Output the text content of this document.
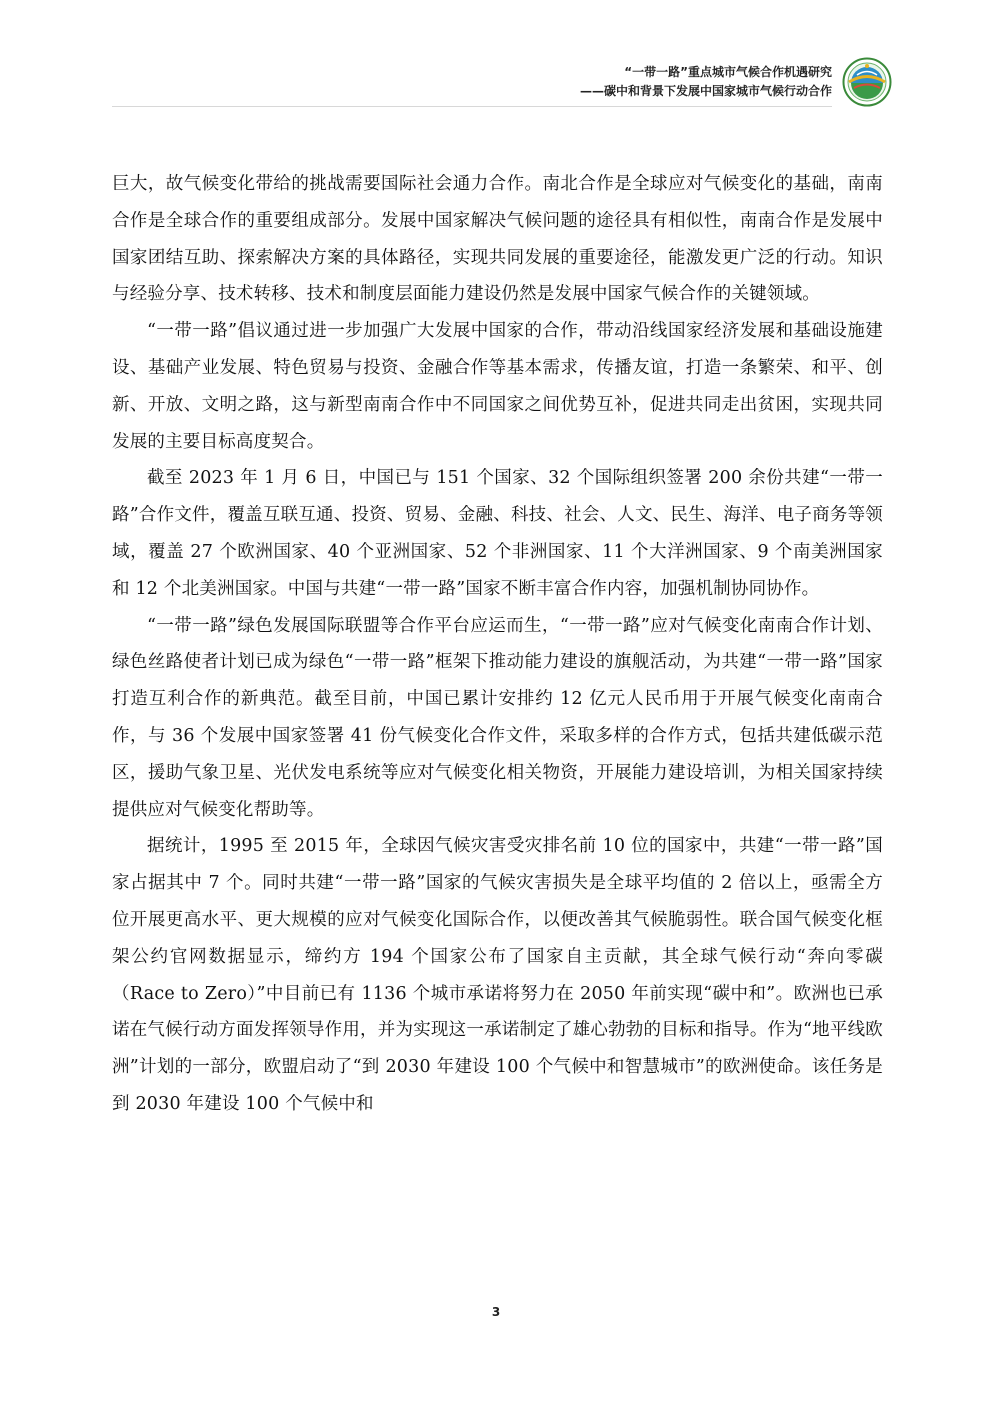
“一带一路”重点城市气候合作机遇研究
——碳中和背景下发展中国家城市气候行动合作

巨大，故气候变化带给的挑战需要国际社会通力合作。南北合作是全球应对气候变化的基础，南南合作是全球合作的重要组成部分。发展中国家解决气候问题的途径具有相似性，南南合作是发展中国家团结互助、探索解决方案的具体路径，实现共同发展的重要途径，能激发更广泛的行动。知识与经验分享、技术转移、技术和制度层面能力建设仍然是发展中国家气候合作的关键领域。

“一带一路”倡议通过进一步加强广大发展中国家的合作，带动沿线国家经济发展和基础设施建设、基础产业发展、特色贸易与投资、金融合作等基本需求，传播友谊，打造一条繁荣、和平、创新、开放、文明之路，这与新型南南合作中不同国家之间优势互补，促进共同走出贫困，实现共同发展的主要目标高度契合。

截至 2023 年 1 月 6 日，中国已与 151 个国家、32 个国际组织签署 200 余份共建“一带一路”合作文件，覆盖互联互通、投资、贸易、金融、科技、社会、人文、民生、海洋、电子商务等领域，覆盖 27 个欧洲国家、40 个亚洲国家、52 个非洲国家、11 个大洋洲国家、9 个南美洲国家和 12 个北美洲国家。中国与共建“一带一路”国家不断丰富合作内容，加强机制协同协作。

“一带一路”绿色发展国际联盟等合作平台应运而生，“一带一路”应对气候变化南南合作计划、绿色丝路使者计划已成为绿色“一带一路”框架下推动能力建设的旗舰活动，为共建“一带一路”国家打造互利合作的新典范。截至目前，中国已累计安排约 12 亿元人民币用于开展气候变化南南合作，与 36 个发展中国家签署 41 份气候变化合作文件，采取多样的合作方式，包括共建低碳示范区，援助气象卫星、光伏发电系统等应对气候变化相关物资，开展能力建设培训，为相关国家持续提供应对气候变化帮助等。

据统计，1995 至 2015 年，全球因气候灾害受灾排名前 10 位的国家中，共建“一带一路”国家占据其中 7 个。同时共建“一带一路”国家的气候灾害损失是全球平均值的 2 倍以上，亟需全方位开展更高水平、更大规模的应对气候变化国际合作，以便改善其气候脆弱性。联合国气候变化框架公约官网数据显示，缔约方 194 个国家公布了国家自主贡献，其全球气候行动“奔向零碳（Race to Zero）”中目前已有 1136 个城市承诺将努力在 2050 年前实现“碳中和”。欧洲也已承诺在气候行动方面发挥领导作用，并为实现这一承诺制定了雄心勃勃的目标和指导。作为“地平线欧洲”计划的一部分，欧盟启动了“到 2030 年建设 100 个气候中和智慧城市”的欧洲使命。该任务是到 2030 年建设 100 个气候中和

3
